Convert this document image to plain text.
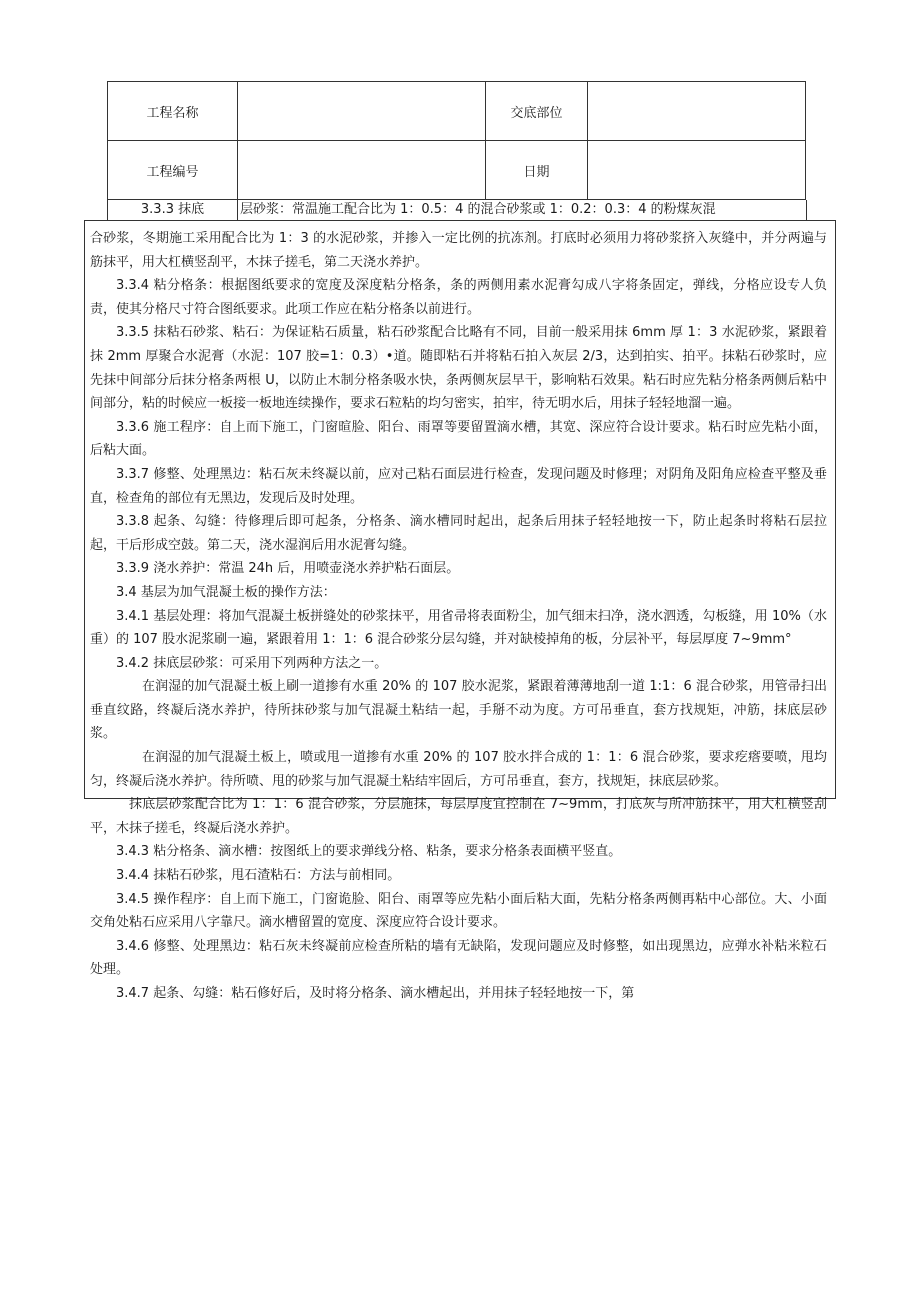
工程名称		交底部位	
工程编号		日期	
3.3.3 抹底	层砂浆：常温施工配合比为 1：0.5：4 的混合砂浆或 1：0.2：0.3：4 的粉煤灰混

合砂浆，冬期施工采用配合比为 1：3 的水泥砂浆，并掺入一定比例的抗冻剂。打底时必须用力将砂浆挤入灰缝中，并分两遍与筋抹平，用大杠横竖刮平，木抹子搓毛，第二天浇水养护。

3.3.4 粘分格条：根据图纸要求的宽度及深度粘分格条，条的两侧用素水泥膏勾成八字将条固定，弹线，分格应设专人负责，使其分格尺寸符合图纸要求。此项工作应在粘分格条以前进行。

3.3.5 抹粘石砂浆、粘石：为保证粘石质量，粘石砂浆配合比略有不同，目前一般采用抹 6mm 厚 1：3 水泥砂浆，紧跟着抹 2mm 厚聚合水泥膏（水泥：107 胶=1：0.3）•道。随即粘石并将粘石拍入灰层 2/3，达到拍实、拍平。抹粘石砂浆时，应先抹中间部分后抹分格条两根 U，以防止木制分格条吸水快，条两侧灰层早干，影响粘石效果。粘石时应先粘分格条两侧后粘中间部分，粘的时候应一板接一板地连续操作，要求石粒粘的均匀密实，拍牢，待无明水后，用抹子轻轻地溜一遍。

3.3.6 施工程序：自上而下施工，门窗暄脸、阳台、雨罩等要留置滴水槽，其宽、深应符合设计要求。粘石时应先粘小面，后粘大面。

3.3.7 修整、处理黑边：粘石灰未终凝以前，应对己粘石面层进行检查，发现问题及时修理；对阴角及阳角应检查平整及垂直，检查角的部位有无黑边，发现后及时处理。

3.3.8 起条、勾缝：待修理后即可起条，分格条、滴水槽同时起出，起条后用抹子轻轻地按一下，防止起条时将粘石层拉起，干后形成空鼓。第二天，浇水湿润后用水泥膏勾缝。

3.3.9 浇水养护：常温 24h 后，用喷壶浇水养护粘石面层。

3.4 基层为加气混凝土板的操作方法：

3.4.1 基层处理：将加气混凝土板拼缝处的砂浆抹平，用省帚将表面粉尘，加气细末扫净，浇水泗透，勾板缝，用 10%（水重）的 107 股水泥浆刷一遍，紧跟着用 1：1：6 混合砂浆分层勾缝，并对缺棱掉角的板，分层补平，每层厚度 7~9mm°

3.4.2 抹底层砂浆：可采用下列两种方法之一。

在润湿的加气混凝土板上刷一道掺有水重 20% 的 107 胶水泥浆，紧跟着薄薄地刮一道 1:1：6 混合砂浆，用管帚扫出垂直纹路，终凝后浇水养护，待所抹砂浆与加气混凝土粘结一起，手掰不动为度。方可吊垂直，套方找规矩，冲筋，抹底层砂浆。

在润湿的加气混凝土板上，喷或甩一道掺有水重 20% 的 107 胶水拌合成的 1：1：6 混合砂浆，要求疙瘩要喷，甩均匀，终凝后浇水养护。待所喷、甩的砂浆与加气混凝土粘结牢固后，方可吊垂直，套方，找规矩，抹底层砂浆。

抹底层砂浆配合比为 1：1：6 混合砂浆，分层施抹，每层厚度宜控制在 7~9mm，打底灰与所冲筋抹平，用大杠横竖刮平，木抹子搓毛，终凝后浇水养护。

3.4.3 粘分格条、滴水槽：按图纸上的要求弹线分格、粘条，要求分格条表面横平竖直。

3.4.4 抹粘石砂浆，甩石渣粘石：方法与前相同。

3.4.5 操作程序：自上而下施工，门窗诡脸、阳台、雨罩等应先粘小面后粘大面，先粘分格条两侧再粘中心部位。大、小面交角处粘石应采用八字靠尺。滴水槽留置的宽度、深度应符合设计要求。

3.4.6 修整、处理黑边：粘石灰未终凝前应检查所粘的墙有无缺陷，发现问题应及时修整，如出现黑边，应弹水补粘米粒石处理。

3.4.7 起条、勾缝：粘石修好后，及时将分格条、滴水槽起出，并用抹子轻轻地按一下，第
